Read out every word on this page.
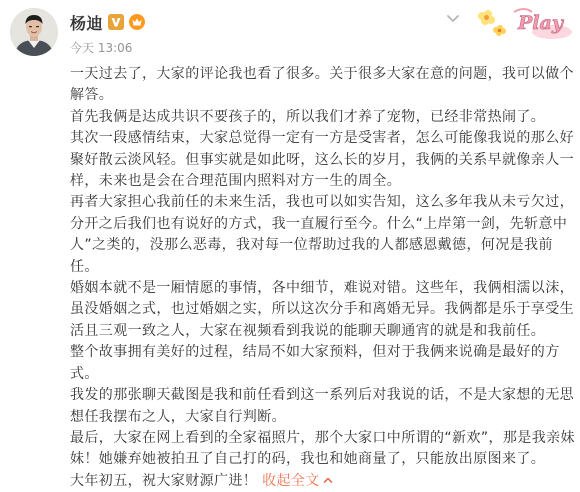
杨迪
今天 13:06
Play

一天过去了，大家的评论我也看了很多。关于很多大家在意的问题，我可以做个解答。

首先我俩是达成共识不要孩子的，所以我们才养了宠物，已经非常热闹了。

其次一段感情结束，大家总觉得一定有一方是受害者，怎么可能像我说的那么好聚好散云淡风轻。但事实就是如此呀，这么长的岁月，我俩的关系早就像亲人一样，未来也是会在合理范围内照料对方一生的周全。

再者大家担心我前任的未来生活，我也可以如实告知，这么多年我从未亏欠过，分开之后我们也有说好的方式，我一直履行至今。什么“上岸第一剑，先斩意中人”之类的，没那么恶毒，我对每一位帮助过我的人都感恩戴德，何况是我前任。

婚姻本就不是一厢情愿的事情，各中细节，难说对错。这些年，我俩相濡以沫，虽没婚姻之式，也过婚姻之实，所以这次分手和离婚无异。我俩都是乐于享受生活且三观一致之人，大家在视频看到我说的能聊天聊通宵的就是和我前任。

整个故事拥有美好的过程，结局不如大家预料，但对于我俩来说确是最好的方式。

我发的那张聊天截图是我和前任看到这一系列后对我说的话，不是大家想的无思想任我摆布之人，大家自行判断。

最后，大家在网上看到的全家福照片，那个大家口中所谓的“新欢”，那是我亲妹妹！她嫌弃她被拍丑了自己打的码，我也和她商量了，只能放出原图来了。

大年初五，祝大家财源广进！ 收起全文
